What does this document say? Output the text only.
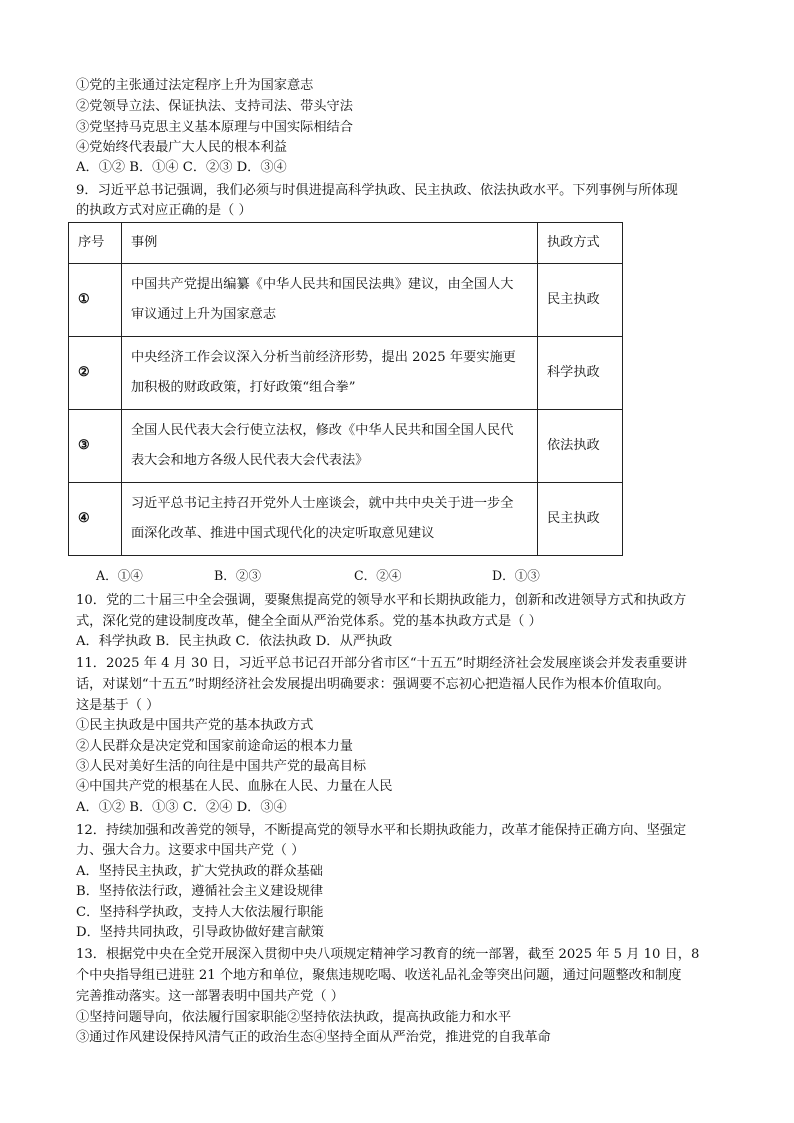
①党的主张通过法定程序上升为国家意志
②党领导立法、保证执法、支持司法、带头守法
③党坚持马克思主义基本原理与中国实际相结合
④党始终代表最广大人民的根本利益
A．①② B．①④ C．②③ D．③④
9．习近平总书记强调，我们必须与时俱进提高科学执政、民主执政、依法执政水平。下列事例与所体现
的执政方式对应正确的是（ ）
序号	事例	执政方式
①	中国共产党提出编纂《中华人民共和国民法典》建议，由全国人大
审议通过上升为国家意志	民主执政
②	中央经济工作会议深入分析当前经济形势，提出 2025 年要实施更
加积极的财政政策，打好政策“组合拳”	科学执政
③	全国人民代表大会行使立法权，修改《中华人民共和国全国人民代
表大会和地方各级人民代表大会代表法》	依法执政
④	习近平总书记主持召开党外人士座谈会，就中共中央关于进一步全
面深化改革、推进中国式现代化的决定听取意见建议	民主执政
A．①④	B．②③	C．②④	D．①③
10．党的二十届三中全会强调，要聚焦提高党的领导水平和长期执政能力，创新和改进领导方式和执政方
式，深化党的建设制度改革，健全全面从严治党体系。党的基本执政方式是（ ）
A．科学执政 B．民主执政 C．依法执政 D．从严执政
11．2025 年 4 月 30 日，习近平总书记召开部分省市区“十五五”时期经济社会发展座谈会并发表重要讲
话，对谋划“十五五”时期经济社会发展提出明确要求：强调要不忘初心把造福人民作为根本价值取向。
这是基于（ ）
①民主执政是中国共产党的基本执政方式
②人民群众是决定党和国家前途命运的根本力量
③人民对美好生活的向往是中国共产党的最高目标
④中国共产党的根基在人民、血脉在人民、力量在人民
A．①② B．①③ C．②④ D．③④
12．持续加强和改善党的领导，不断提高党的领导水平和长期执政能力，改革才能保持正确方向、坚强定
力、强大合力。这要求中国共产党（ ）
A．坚持民主执政，扩大党执政的群众基础
B．坚持依法行政，遵循社会主义建设规律
C．坚持科学执政，支持人大依法履行职能
D．坚持共同执政，引导政协做好建言献策
13．根据党中央在全党开展深入贯彻中央八项规定精神学习教育的统一部署，截至 2025 年 5 月 10 日，8
个中央指导组已进驻 21 个地方和单位，聚焦违规吃喝、收送礼品礼金等突出问题，通过问题整改和制度
完善推动落实。这一部署表明中国共产党（ ）
①坚持问题导向，依法履行国家职能②坚持依法执政，提高执政能力和水平
③通过作风建设保持风清气正的政治生态④坚持全面从严治党，推进党的自我革命
